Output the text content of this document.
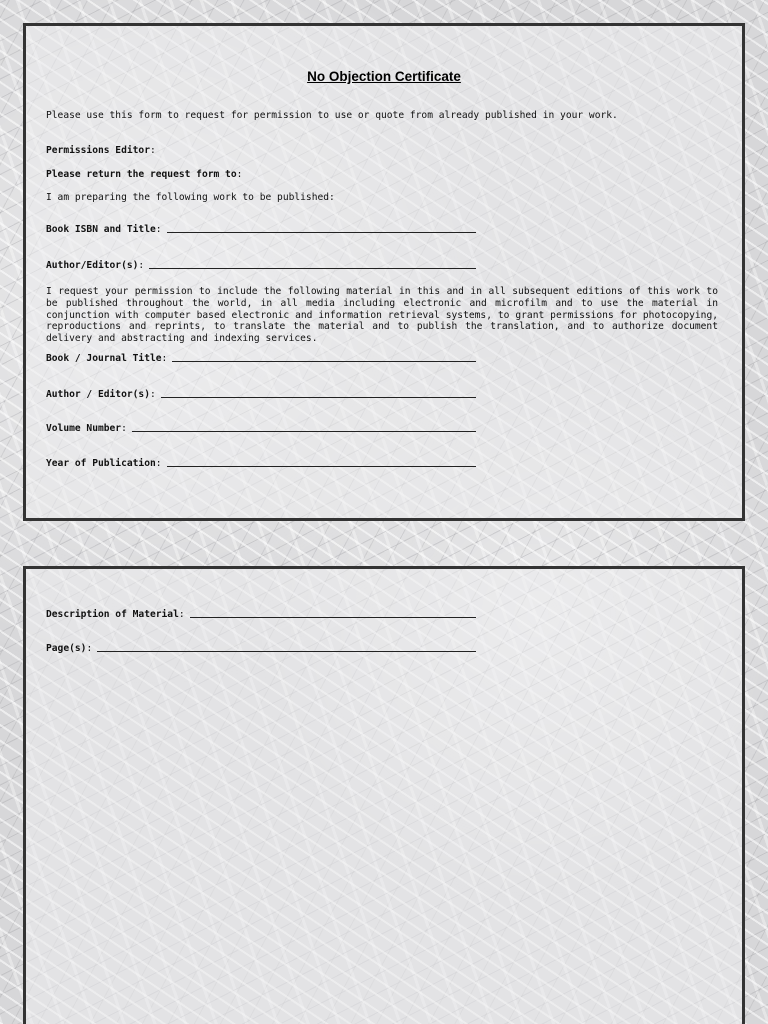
No Objection Certificate
Please use this form to request for permission to use or quote from already published in your work.
Permissions Editor:
Please return the request form to:
I am preparing the following work to be published:
Book ISBN and Title :
Author/Editor(s) :
I request your permission to include the following material in this and in all subsequent editions of this work to be published throughout the world, in all media including electronic and microfilm and to use the material in conjunction with computer based electronic and information retrieval systems, to grant permissions for photocopying, reproductions and reprints, to translate the material and to publish the translation, and to authorize document delivery and abstracting and indexing services.
Book / Journal Title :
Author / Editor(s) :
Volume Number :
Year of Publication :
Description of Material :
Page(s) :
